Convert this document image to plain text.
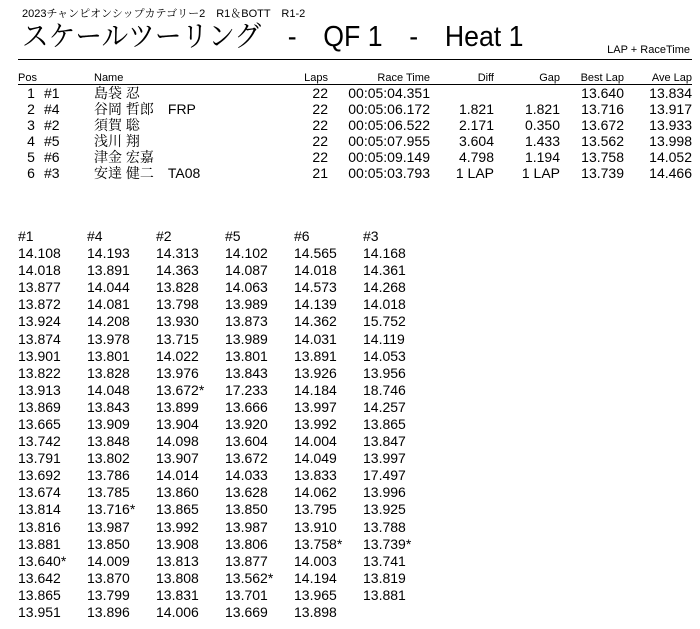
2023チャンピオンシップカテゴリー2　R1＆BOTT　R1-2
スケールツーリング　-　QF 1　-　Heat 1	LAP + RaceTime
Pos		Name	Laps	Race Time	Diff	Gap	Best Lap	Ave Lap
1	#1	島袋 忍	22	00:05:04.351			13.640	13.834
2	#4	谷岡 哲郎　FRP	22	00:05:06.172	1.821	1.821	13.716	13.917
3	#2	須賀 聡	22	00:05:06.522	2.171	0.350	13.672	13.933
4	#5	浅川 翔	22	00:05:07.955	3.604	1.433	13.562	13.998
5	#6	津金 宏嘉	22	00:05:09.149	4.798	1.194	13.758	14.052
6	#3	安達 健二　TA08	21	00:05:03.793	1 LAP	1 LAP	13.739	14.466
#1	#4	#2	#5	#6	#3
14.108	14.193	14.313	14.102	14.565	14.168
14.018	13.891	14.363	14.087	14.018	14.361
13.877	14.044	13.828	14.063	14.573	14.268
13.872	14.081	13.798	13.989	14.139	14.018
13.924	14.208	13.930	13.873	14.362	15.752
13.874	13.978	13.715	13.989	14.031	14.119
13.901	13.801	14.022	13.801	13.891	14.053
13.822	13.828	13.976	13.843	13.926	13.956
13.913	14.048	13.672*	17.233	14.184	18.746
13.869	13.843	13.899	13.666	13.997	14.257
13.665	13.909	13.904	13.920	13.992	13.865
13.742	13.848	14.098	13.604	14.004	13.847
13.791	13.802	13.907	13.672	14.049	13.997
13.692	13.786	14.014	14.033	13.833	17.497
13.674	13.785	13.860	13.628	14.062	13.996
13.814	13.716*	13.865	13.850	13.795	13.925
13.816	13.987	13.992	13.987	13.910	13.788
13.881	13.850	13.908	13.806	13.758*	13.739*
13.640*	14.009	13.813	13.877	14.003	13.741
13.642	13.870	13.808	13.562*	14.194	13.819
13.865	13.799	13.831	13.701	13.965	13.881
13.951	13.896	14.006	13.669	13.898	
